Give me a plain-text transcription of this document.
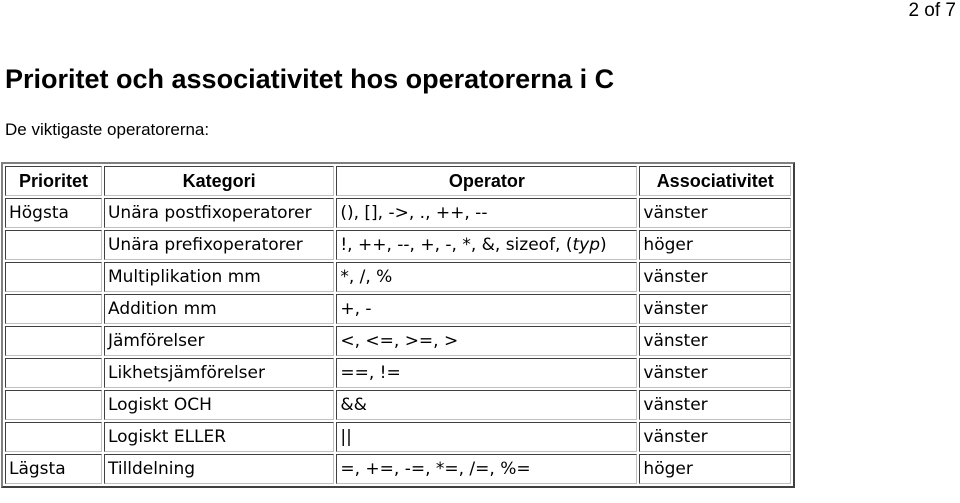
2 of 7
Prioritet och associativitet hos operatorerna i C

De viktigaste operatorerna:

Prioritet	Kategori	Operator	Associativitet
Högsta	Unära postfixoperatorer	(), [], ->, ., ++, --	vänster
	Unära prefixoperatorer	!, ++, --, +, -, *, &, sizeof, (typ)	höger
	Multiplikation mm	*, /, %	vänster
	Addition mm	+, -	vänster
	Jämförelser	<, <=, >=, >	vänster
	Likhetsjämförelser	==, !=	vänster
	Logiskt OCH	&&	vänster
	Logiskt ELLER	||	vänster
Lägsta	Tilldelning	=, +=, -=, *=, /=, %=	höger
